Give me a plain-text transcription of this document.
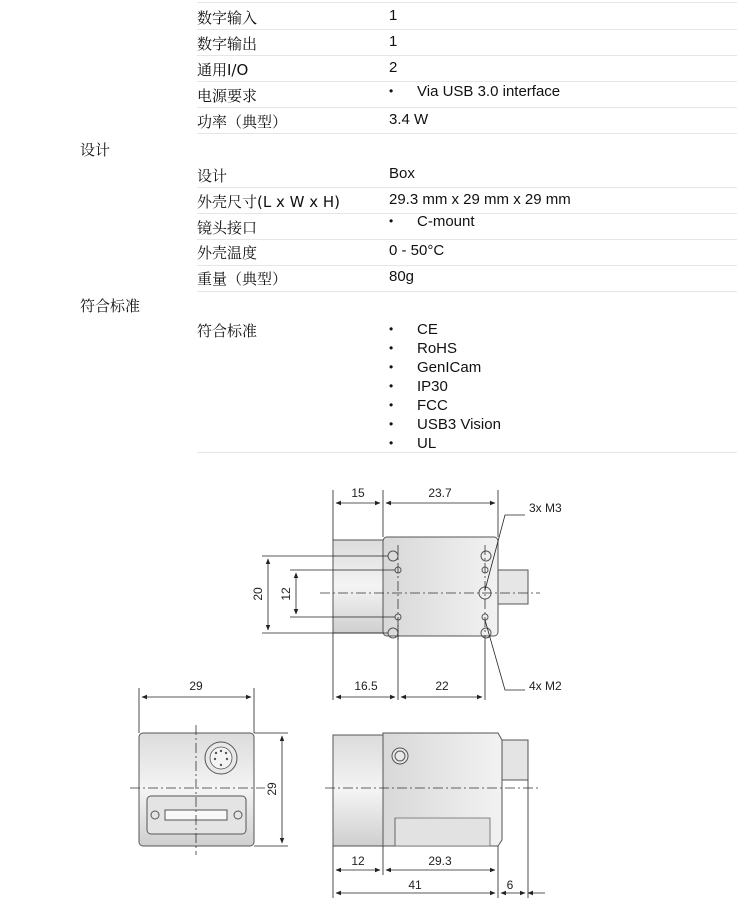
数字输入	1
数字输出	1
通用I/O	2
电源要求	• Via USB 3.0 interface
功率（典型）	3.4 W
设计
设计	Box
外壳尺寸(L x W x H)	29.3 mm x 29 mm x 29 mm
镜头接口	• C-mount
外壳温度	0 - 50°C
重量（典型）	80g
符合标准
符合标准	• CE
• RoHS
• GenICam
• IP30
• FCC
• USB3 Vision
• UL
15	23.7
16.5	22
20 12
3x M3
4x M2
29
29
12	29.3
41	6
